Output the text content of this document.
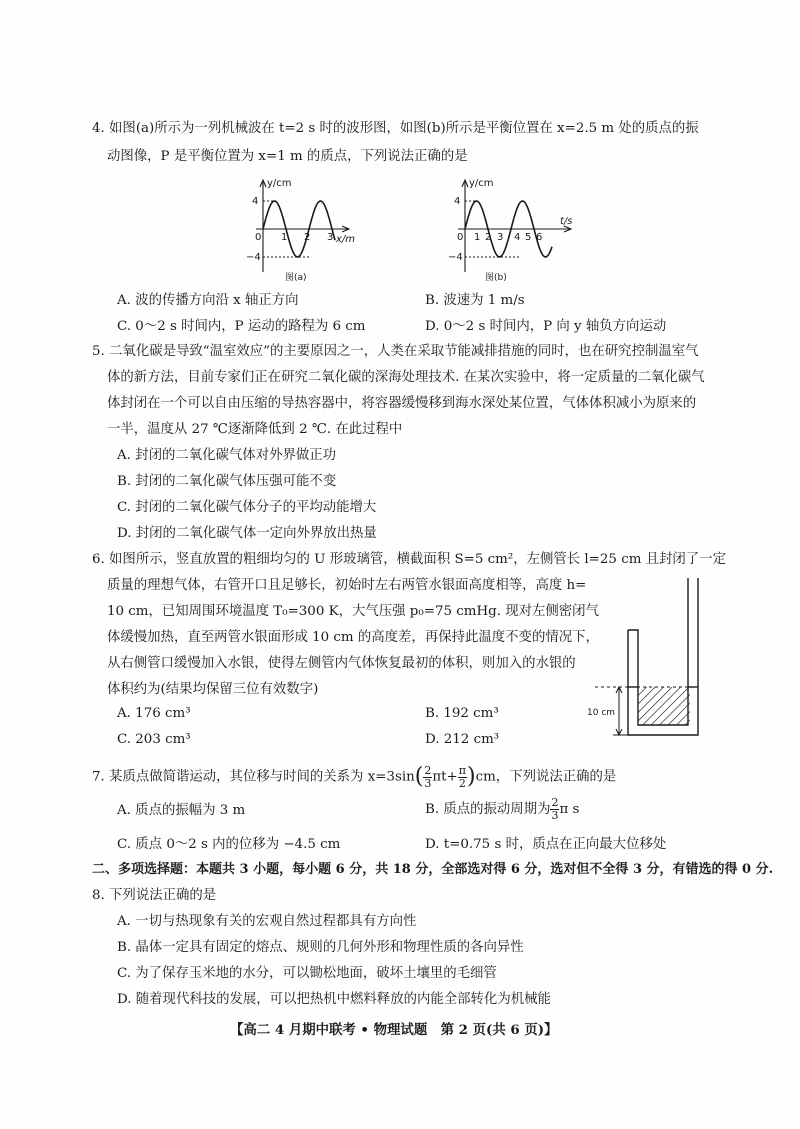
4. 如图(a)所示为一列机械波在 t=2 s 时的波形图，如图(b)所示是平衡位置在 x=2.5 m 处的质点的振
动图像，P 是平衡位置为 x=1 m 的质点，下列说法正确的是
y/cm
x/m
4
−4
0 1 2 3
图(a)
y/cm
t/s
4
−4
0 1 2 3 4 5 6
图(b)
A. 波的传播方向沿 x 轴正方向	B. 波速为 1 m/s
C. 0～2 s 时间内，P 运动的路程为 6 cm	D. 0～2 s 时间内，P 向 y 轴负方向运动
5. 二氧化碳是导致“温室效应”的主要原因之一，人类在采取节能减排措施的同时，也在研究控制温室气
体的新方法，目前专家们正在研究二氧化碳的深海处理技术. 在某次实验中，将一定质量的二氧化碳气
体封闭在一个可以自由压缩的导热容器中，将容器缓慢移到海水深处某位置，气体体积减小为原来的
一半，温度从 27 ℃逐渐降低到 2 ℃. 在此过程中
A. 封闭的二氧化碳气体对外界做正功
B. 封闭的二氧化碳气体压强可能不变
C. 封闭的二氧化碳气体分子的平均动能增大
D. 封闭的二氧化碳气体一定向外界放出热量
6. 如图所示，竖直放置的粗细均匀的 U 形玻璃管，横截面积 S=5 cm²，左侧管长 l=25 cm 且封闭了一定
质量的理想气体，右管开口且足够长，初始时左右两管水银面高度相等，高度 h=
10 cm，已知周围环境温度 T₀=300 K，大气压强 p₀=75 cmHg. 现对左侧密闭气
体缓慢加热，直至两管水银面形成 10 cm 的高度差，再保持此温度不变的情况下，
从右侧管口缓慢加入水银，使得左侧管内气体恢复最初的体积，则加入的水银的
体积约为(结果均保留三位有效数字)
A. 176 cm³	B. 192 cm³
C. 203 cm³	D. 212 cm³
10 cm
7. 某质点做简谐运动，其位移与时间的关系为 $x=3\sin( \frac{2}{3} \pi t+ \frac{\pi}{2} )cm$，下列说法正确的是
A. 质点的振幅为 3 m	B. 质点的振动周期为 $\frac{2}{3}$ π s
C. 质点 0～2 s 内的位移为 −4.5 cm	D. t=0.75 s 时，质点在正向最大位移处
二、多项选择题：本题共 3 小题，每小题 6 分，共 18 分，全部选对得 6 分，选对但不全得 3 分，有错选的得 0 分.
8. 下列说法正确的是
A. 一切与热现象有关的宏观自然过程都具有方向性
B. 晶体一定具有固定的熔点、规则的几何外形和物理性质的各向异性
C. 为了保存玉米地的水分，可以锄松地面，破坏土壤里的毛细管
D. 随着现代科技的发展，可以把热机中燃料释放的内能全部转化为机械能
【高二 4 月期中联考 • 物理试题　第 2 页(共 6 页)】
